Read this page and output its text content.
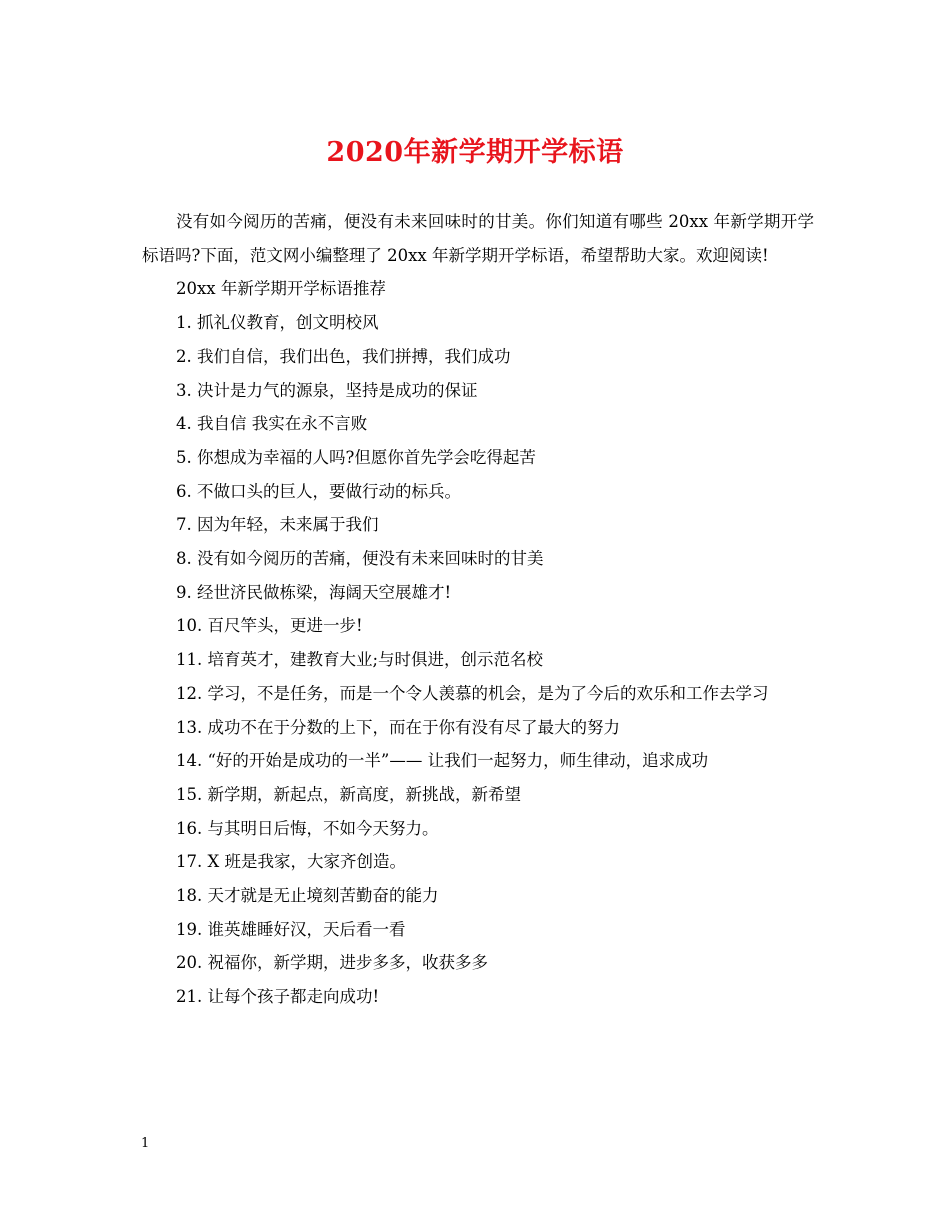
2020年新学期开学标语

没有如今阅历的苦痛，便没有未来回味时的甘美。你们知道有哪些 20xx 年新学期开学标语吗?下面，范文网小编整理了 20xx 年新学期开学标语，希望帮助大家。欢迎阅读!

20xx 年新学期开学标语推荐

1. 抓礼仪教育，创文明校风

2. 我们自信，我们出色，我们拼搏，我们成功

3. 决计是力气的源泉，坚持是成功的保证

4. 我自信 我实在永不言败

5. 你想成为幸福的人吗?但愿你首先学会吃得起苦

6. 不做口头的巨人，要做行动的标兵。

7. 因为年轻，未来属于我们

8. 没有如今阅历的苦痛，便没有未来回味时的甘美

9. 经世济民做栋梁，海阔天空展雄才!

10. 百尺竿头，更进一步!

11. 培育英才，建教育大业;与时俱进，创示范名校

12. 学习，不是任务，而是一个令人羡慕的机会，是为了今后的欢乐和工作去学习

13. 成功不在于分数的上下，而在于你有没有尽了最大的努力

14. “好的开始是成功的一半”—— 让我们一起努力，师生律动，追求成功

15. 新学期，新起点，新高度，新挑战，新希望

16. 与其明日后悔，不如今天努力。

17. X 班是我家，大家齐创造。

18. 天才就是无止境刻苦勤奋的能力

19. 谁英雄睡好汉，天后看一看

20. 祝福你，新学期，进步多多，收获多多

21. 让每个孩子都走向成功!

1
